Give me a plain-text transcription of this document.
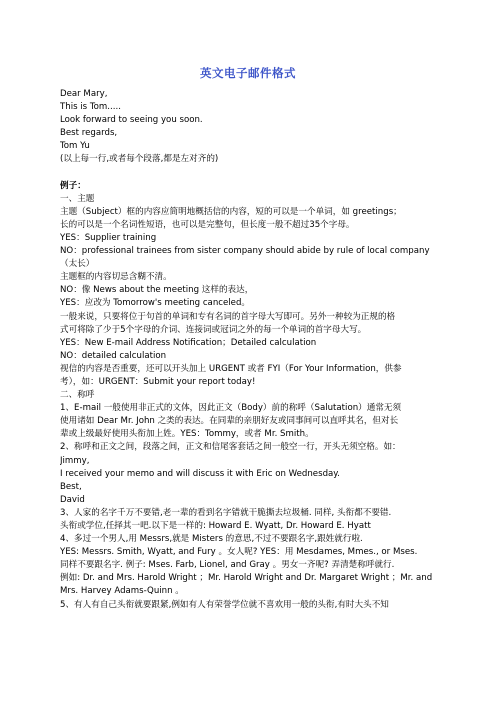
英文电子邮件格式
Dear Mary,
This is Tom.....
Look forward to seeing you soon.
Best regards,
Tom Yu
(以上每一行,或者每个段落,都是左对齐的)
例子：
一、主题
主题（Subject）框的内容应简明地概括信的内容，短的可以是一个单词，如 greetings；
长的可以是一个名词性短语，也可以是完整句，但长度一般不超过35个字母。
YES：Supplier training
NO：professional trainees from sister company should abide by rule of local company
（太长）
主题框的内容切忌含糊不清。
NO：像 News about the meeting 这样的表达，
YES：应改为 Tomorrow's meeting canceled。
一般来说，只要将位于句首的单词和专有名词的首字母大写即可。另外一种较为正规的格
式可将除了少于5个字母的介词、连接词或冠词之外的每一个单词的首字母大写。
YES：New E-mail Address Notification；Detailed calculation
NO：detailed calculation
视信的内容是否重要，还可以开头加上 URGENT 或者 FYI（For Your Information，供参
考），如：URGENT：Submit your report today!
二、称呼
1、E-mail 一般使用非正式的文体，因此正文（Body）前的称呼（Salutation）通常无须
使用诸如 Dear Mr. John 之类的表达。在同辈的亲朋好友或同事间可以直呼其名，但对长
辈或上级最好使用头衔加上姓。YES：Tommy，或者 Mr. Smith。
2、称呼和正文之间，段落之间，正文和信尾客套话之间一般空一行，开头无须空格。如：
Jimmy,
I received your memo and will discuss it with Eric on Wednesday.
Best,
David
3、人家的名字千万不要错,老一辈的看到名字错就干脆撕去垃圾桶. 同样, 头衔都不要错.
头衔或学位,任择其一吧.以下是一样的: Howard E. Wyatt, Dr. Howard E. Hyatt
4、多过一个男人,用 Messrs,就是 Misters 的意思,不过不要跟名字,跟姓就行啦.
YES: Messrs. Smith, Wyatt, and Fury 。女人呢? YES：用 Mesdames, Mmes., or Mses.
同样不要跟名字. 例子: Mses. Farb, Lionel, and Gray 。男女一齐呢? 弄清楚称呼就行.
例如: Dr. and Mrs. Harold Wright ；Mr. Harold Wright and Dr. Margaret Wright ；Mr. and
Mrs. Harvey Adams-Quinn 。
5、有人有自己头衔就要跟紧,例如有人有荣誉学位就不喜欢用一般的头衔,有时大头不知
